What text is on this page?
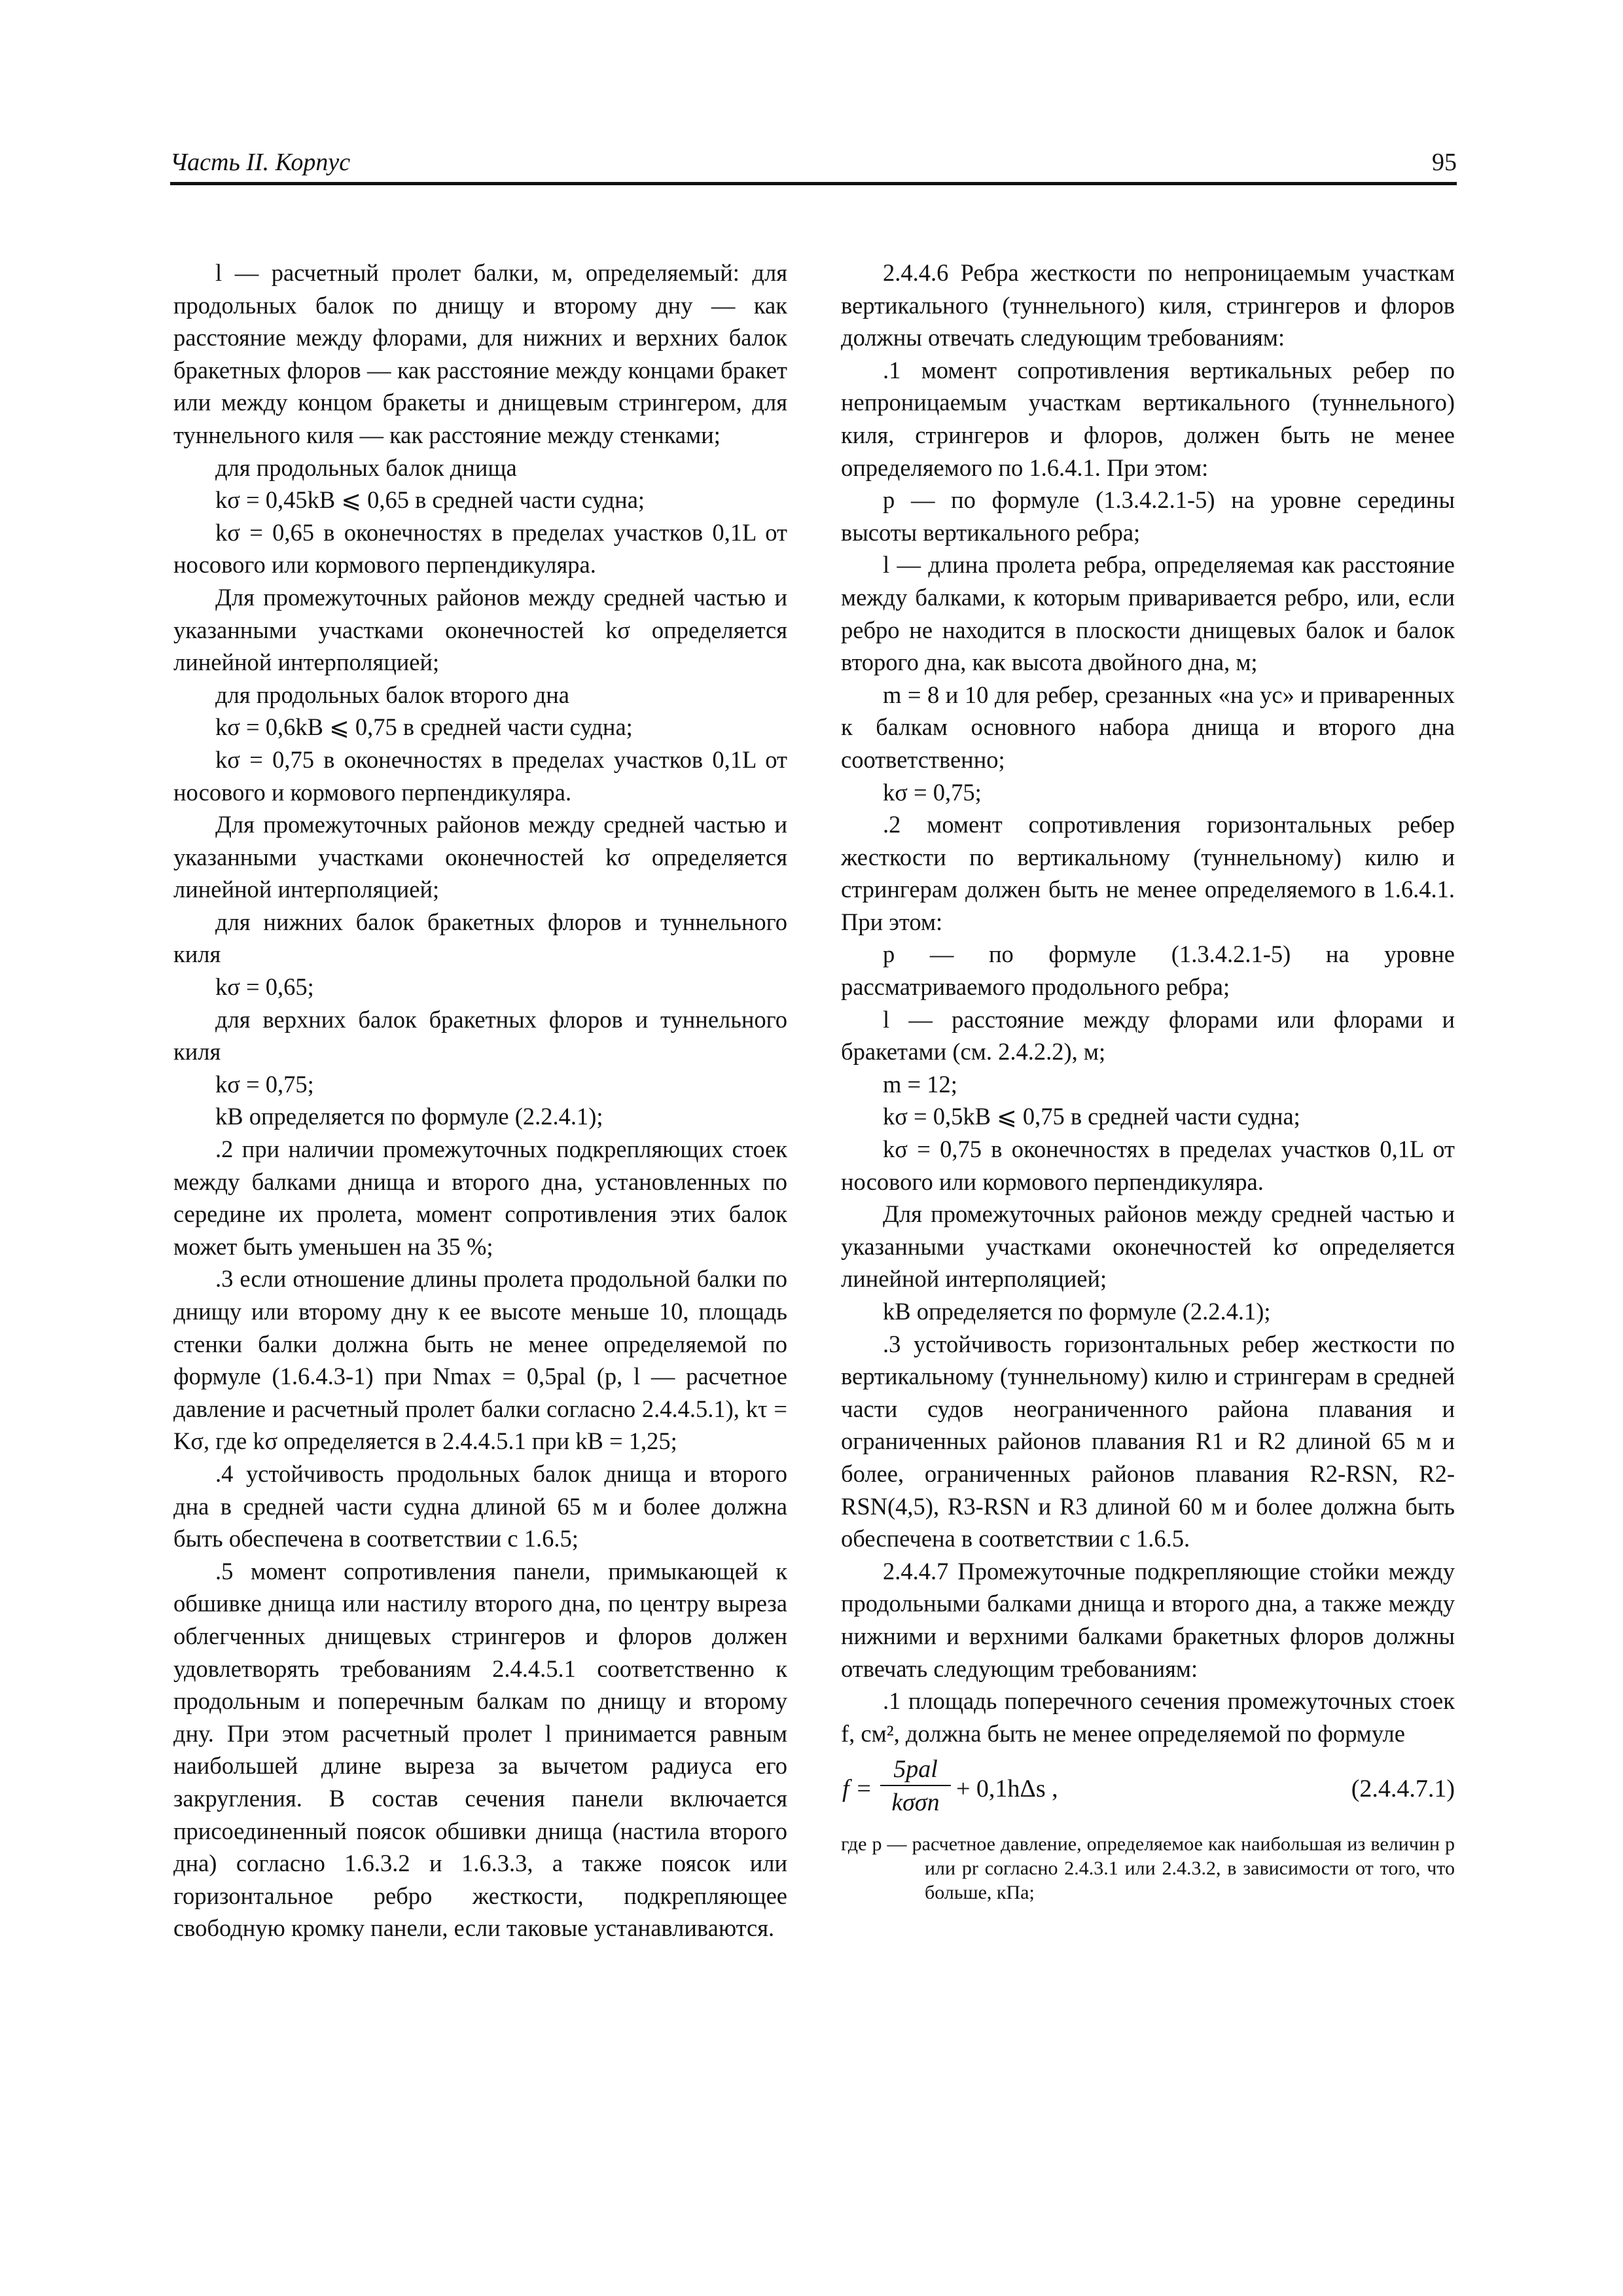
Часть II. Корпус	95

l — расчетный пролет балки, м, определяемый: для продольных балок по днищу и второму дну — как расстояние между флорами, для нижних и верхних балок бракетных флоров — как расстояние между концами бракет или между концом бракеты и днищевым стрингером, для туннельного киля — как расстояние между стенками;

для продольных балок днища

kσ = 0,45kB ⩽ 0,65 в средней части судна;

kσ = 0,65 в оконечностях в пределах участков 0,1L от носового или кормового перпендикуляра.

Для промежуточных районов между средней частью и указанными участками оконечностей kσ определяется линейной интерполяцией;

для продольных балок второго дна

kσ = 0,6kB ⩽ 0,75 в средней части судна;

kσ = 0,75 в оконечностях в пределах участков 0,1L от носового и кормового перпендикуляра.

Для промежуточных районов между средней частью и указанными участками оконечностей kσ определяется линейной интерполяцией;

для нижних балок бракетных флоров и туннельного киля

kσ = 0,65;

для верхних балок бракетных флоров и туннельного киля

kσ = 0,75;

kB определяется по формуле (2.2.4.1);

.2 при наличии промежуточных подкрепляющих стоек между балками днища и второго дна, установленных по середине их пролета, момент сопротивления этих балок может быть уменьшен на 35 %;

.3 если отношение длины пролета продольной балки по днищу или второму дну к ее высоте меньше 10, площадь стенки балки должна быть не менее определяемой по формуле (1.6.4.3-1) при Nmax = 0,5pal (p, l — расчетное давление и расчетный пролет балки согласно 2.4.4.5.1), kτ = Kσ, где kσ определяется в 2.4.4.5.1 при kB = 1,25;

.4 устойчивость продольных балок днища и второго дна в средней части судна длиной 65 м и более должна быть обеспечена в соответствии с 1.6.5;

.5 момент сопротивления панели, примыкающей к обшивке днища или настилу второго дна, по центру выреза облегченных днищевых стрингеров и флоров должен удовлетворять требованиям 2.4.4.5.1 соответственно к продольным и поперечным балкам по днищу и второму дну. При этом расчетный пролет l принимается равным наибольшей длине выреза за вычетом радиуса его закругления. В состав сечения панели включается присоединенный поясок обшивки днища (настила второго дна) согласно 1.6.3.2 и 1.6.3.3, а также поясок или горизонтальное ребро жесткости, подкрепляющее свободную кромку панели, если таковые устанавливаются.

2.4.4.6 Ребра жесткости по непроницаемым участкам вертикального (туннельного) киля, стрингеров и флоров должны отвечать следующим требованиям:

.1 момент сопротивления вертикальных ребер по непроницаемым участкам вертикального (туннельного) киля, стрингеров и флоров, должен быть не менее определяемого по 1.6.4.1. При этом:

p — по формуле (1.3.4.2.1-5) на уровне середины высоты вертикального ребра;

l — длина пролета ребра, определяемая как расстояние между балками, к которым приваривается ребро, или, если ребро не находится в плоскости днищевых балок и балок второго дна, как высота двойного дна, м;

m = 8 и 10 для ребер, срезанных «на ус» и приваренных к балкам основного набора днища и второго дна соответственно;

kσ = 0,75;

.2 момент сопротивления горизонтальных ребер жесткости по вертикальному (туннельному) килю и стрингерам должен быть не менее определяемого в 1.6.4.1. При этом:

p — по формуле (1.3.4.2.1-5) на уровне рассматриваемого продольного ребра;

l — расстояние между флорами или флорами и бракетами (см. 2.4.2.2), м;

m = 12;

kσ = 0,5kB ⩽ 0,75 в средней части судна;

kσ = 0,75 в оконечностях в пределах участков 0,1L от носового или кормового перпендикуляра.

Для промежуточных районов между средней частью и указанными участками оконечностей kσ определяется линейной интерполяцией;

kB определяется по формуле (2.2.4.1);

.3 устойчивость горизонтальных ребер жесткости по вертикальному (туннельному) килю и стрингерам в средней части судов неограниченного района плавания и ограниченных районов плавания R1 и R2 длиной 65 м и более, ограниченных районов плавания R2-RSN, R2-RSN(4,5), R3-RSN и R3 длиной 60 м и более должна быть обеспечена в соответствии с 1.6.5.

2.4.4.7 Промежуточные подкрепляющие стойки между продольными балками днища и второго дна, а также между нижними и верхними балками бракетных флоров должны отвечать следующим требованиям:

.1 площадь поперечного сечения промежуточных стоек f, см², должна быть не менее определяемой по формуле

f =
5pal
kσσn + 0,1hΔs ,	(2.4.4.7.1)
где p — расчетное давление, определяемое как наибольшая из величин p или pr согласно 2.4.3.1 или 2.4.3.2, в зависимости от того, что больше, кПа;
